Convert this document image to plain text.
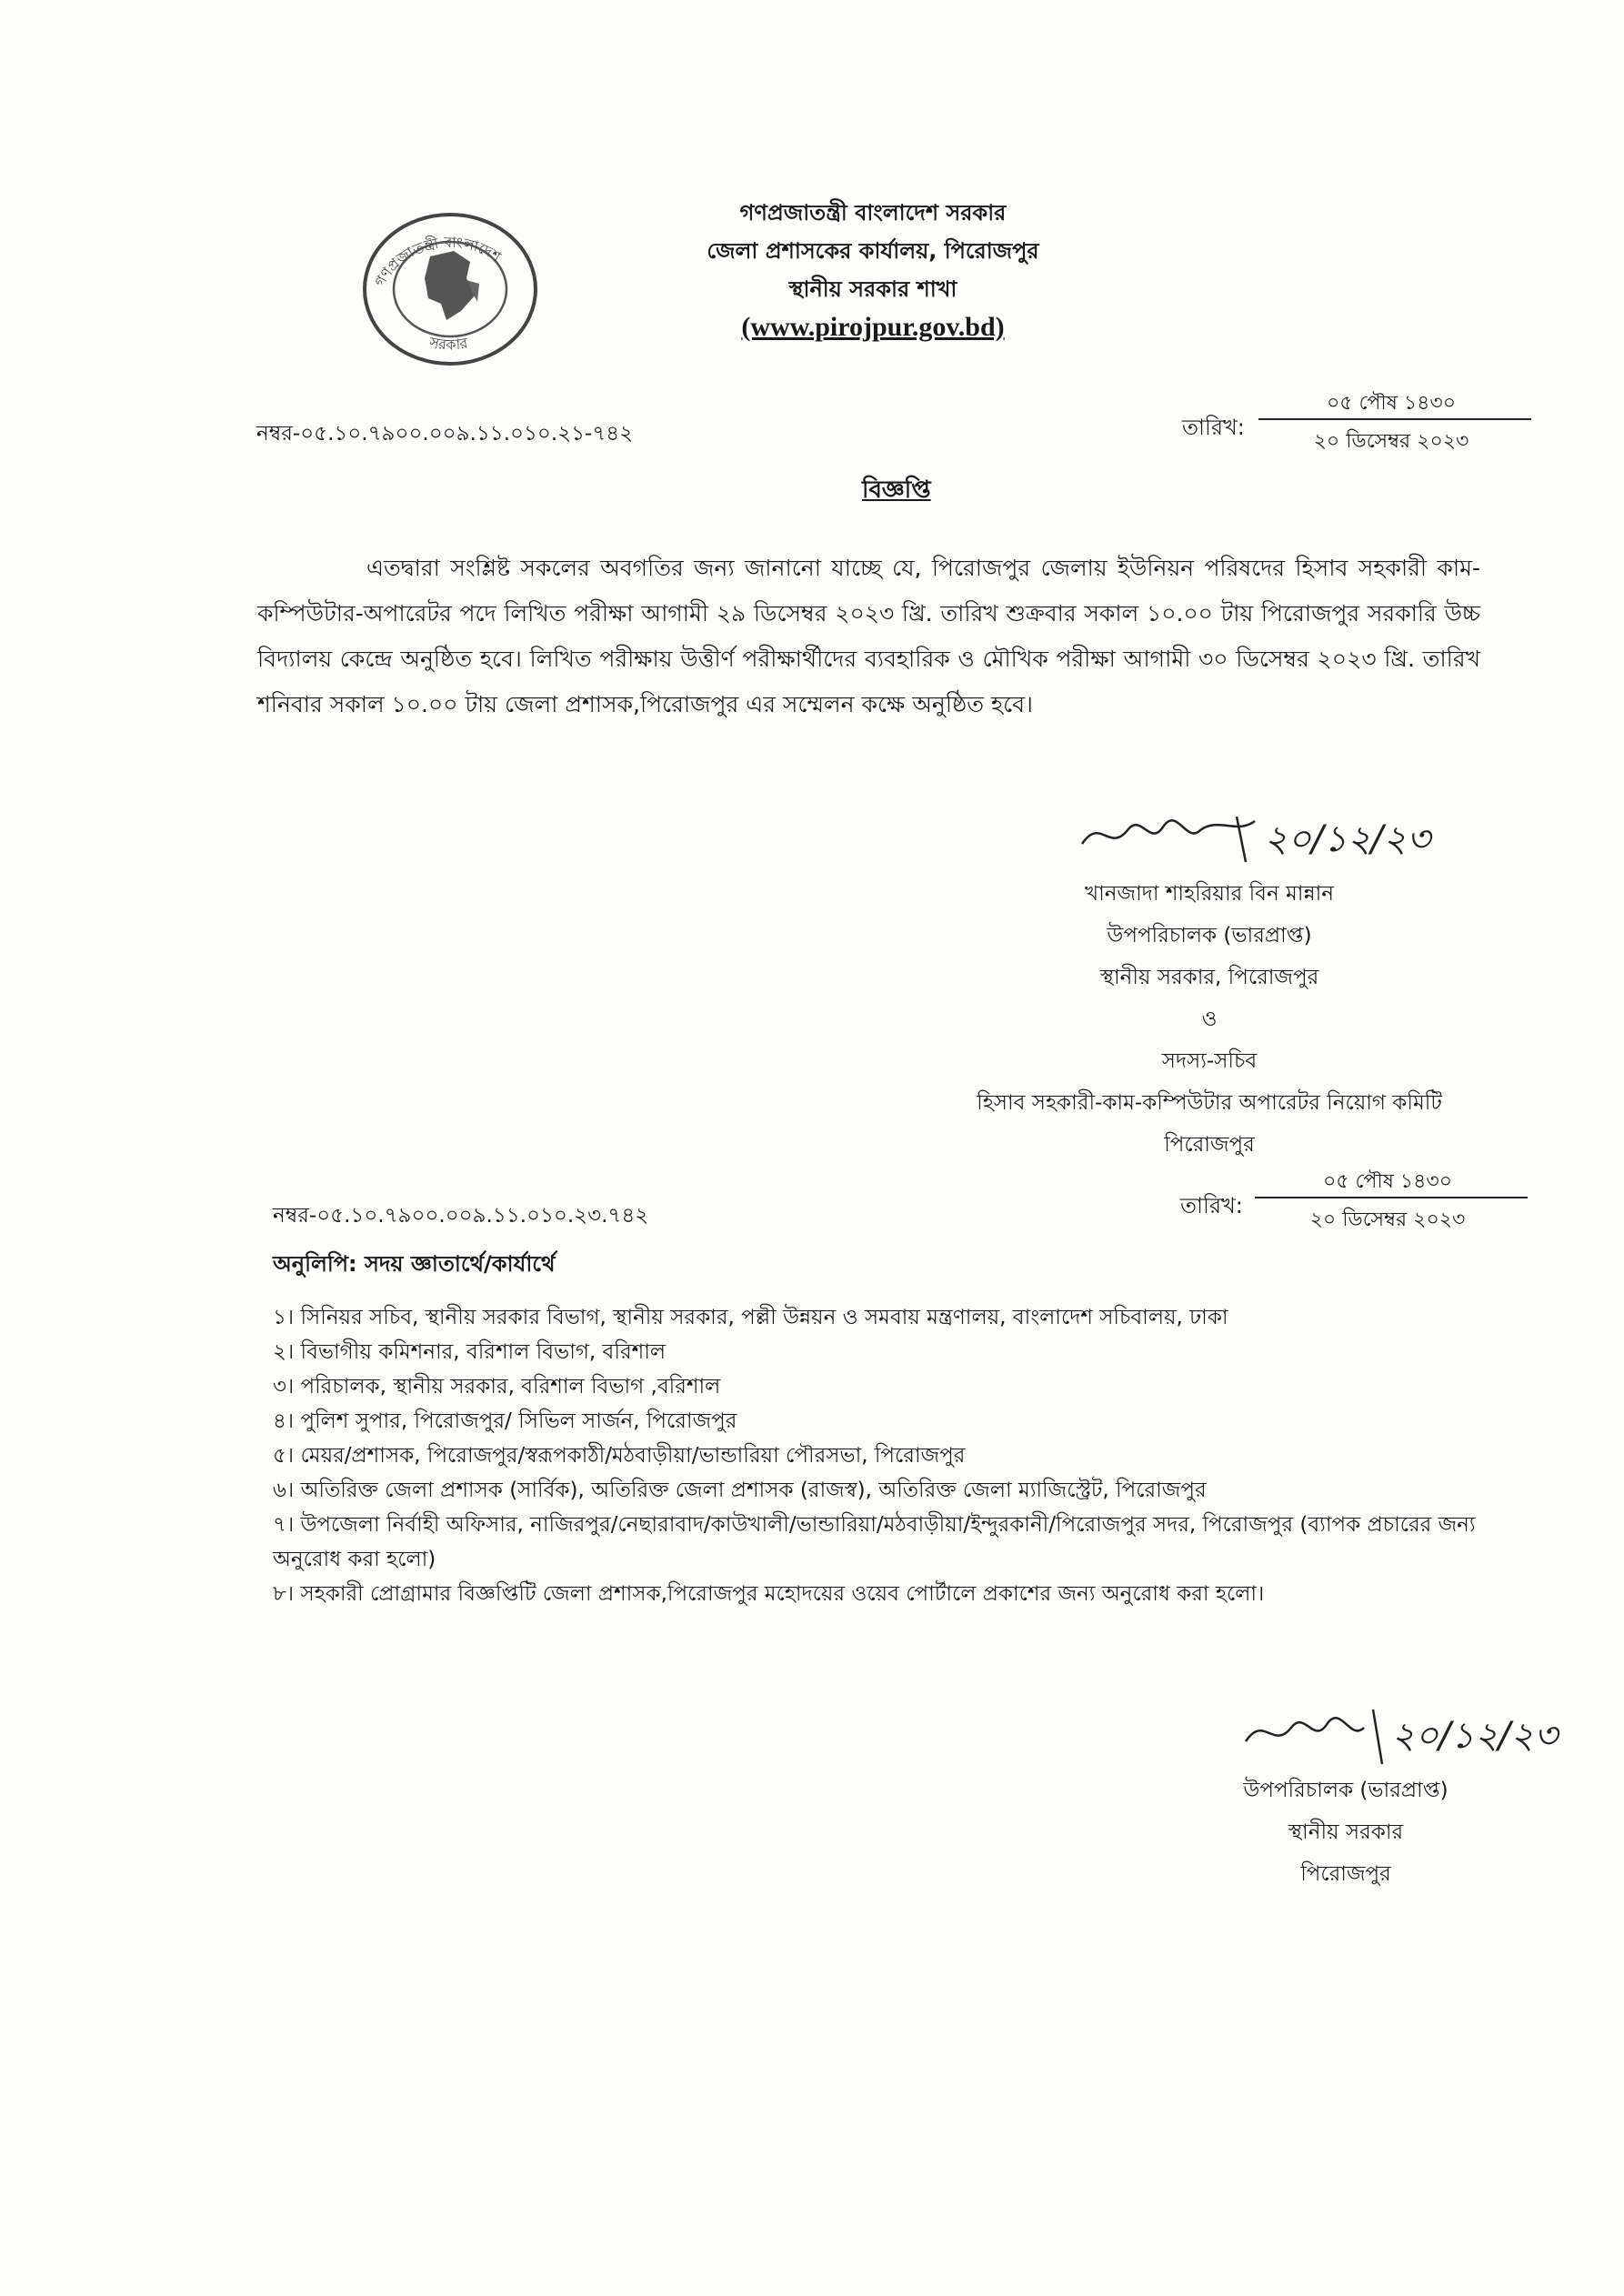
গণপ্রজাতন্ত্রী বাংলাদেশ
সরকার
গণপ্রজাতন্ত্রী বাংলাদেশ সরকার
জেলা প্রশাসকের কার্যালয়, পিরোজপুর
স্থানীয় সরকার শাখা
(www.pirojpur.gov.bd)
নম্বর-০৫.১০.৭৯০০.০০৯.১১.০১০.২১-৭৪২	তারিখ:
০৫ পৌষ ১৪৩০
২০ ডিসেম্বর ২০২৩
বিজ্ঞপ্তি
এতদ্বারা সংশ্লিষ্ট সকলের অবগতির জন্য জানানো যাচ্ছে যে, পিরোজপুর জেলায় ইউনিয়ন পরিষদের হিসাব সহকারী কাম-কম্পিউটার-অপারেটর পদে লিখিত পরীক্ষা আগামী ২৯ ডিসেম্বর ২০২৩ খ্রি. তারিখ শুক্রবার সকাল ১০.০০ টায় পিরোজপুর সরকারি উচ্চ বিদ্যালয় কেন্দ্রে অনুষ্ঠিত হবে। লিখিত পরীক্ষায় উত্তীর্ণ পরীক্ষার্থীদের ব্যবহারিক ও মৌখিক পরীক্ষা আগামী ৩০ ডিসেম্বর ২০২৩ খ্রি. তারিখ শনিবার সকাল ১০.০০ টায় জেলা প্রশাসক,পিরোজপুর এর সম্মেলন কক্ষে অনুষ্ঠিত হবে।
২০/১২/২৩
খানজাদা শাহরিয়ার বিন মান্নান
উপপরিচালক (ভারপ্রাপ্ত)
স্থানীয় সরকার, পিরোজপুর
ও
সদস্য-সচিব
হিসাব সহকারী-কাম-কম্পিউটার অপারেটর নিয়োগ কমিটি
পিরোজপুর
নম্বর-০৫.১০.৭৯০০.০০৯.১১.০১০.২৩.৭৪২	তারিখ:
০৫ পৌষ ১৪৩০
২০ ডিসেম্বর ২০২৩
অনুলিপি: সদয় জ্ঞাতার্থে/কার্যার্থে
১। সিনিয়র সচিব, স্থানীয় সরকার বিভাগ, স্থানীয় সরকার, পল্লী উন্নয়ন ও সমবায় মন্ত্রণালয়, বাংলাদেশ সচিবালয়, ঢাকা
২। বিভাগীয় কমিশনার, বরিশাল বিভাগ, বরিশাল
৩। পরিচালক, স্থানীয় সরকার, বরিশাল বিভাগ ,বরিশাল
৪। পুলিশ সুপার, পিরোজপুর/ সিভিল সার্জন, পিরোজপুর
৫। মেয়র/প্রশাসক, পিরোজপুর/স্বরূপকাঠী/মঠবাড়ীয়া/ভান্ডারিয়া পৌরসভা, পিরোজপুর
৬। অতিরিক্ত জেলা প্রশাসক (সার্বিক), অতিরিক্ত জেলা প্রশাসক (রাজস্ব), অতিরিক্ত জেলা ম্যাজিস্ট্রেট, পিরোজপুর
৭। উপজেলা নির্বাহী অফিসার, নাজিরপুর/নেছারাবাদ/কাউখালী/ভান্ডারিয়া/মঠবাড়ীয়া/ইন্দুরকানী/পিরোজপুর সদর, পিরোজপুর (ব্যাপক প্রচারের জন্য অনুরোধ করা হলো)
৮। সহকারী প্রোগ্রামার বিজ্ঞপ্তিটি জেলা প্রশাসক,পিরোজপুর মহোদয়ের ওয়েব পোর্টালে প্রকাশের জন্য অনুরোধ করা হলো।
২০/১২/২৩
উপপরিচালক (ভারপ্রাপ্ত)
স্থানীয় সরকার
পিরোজপুর
